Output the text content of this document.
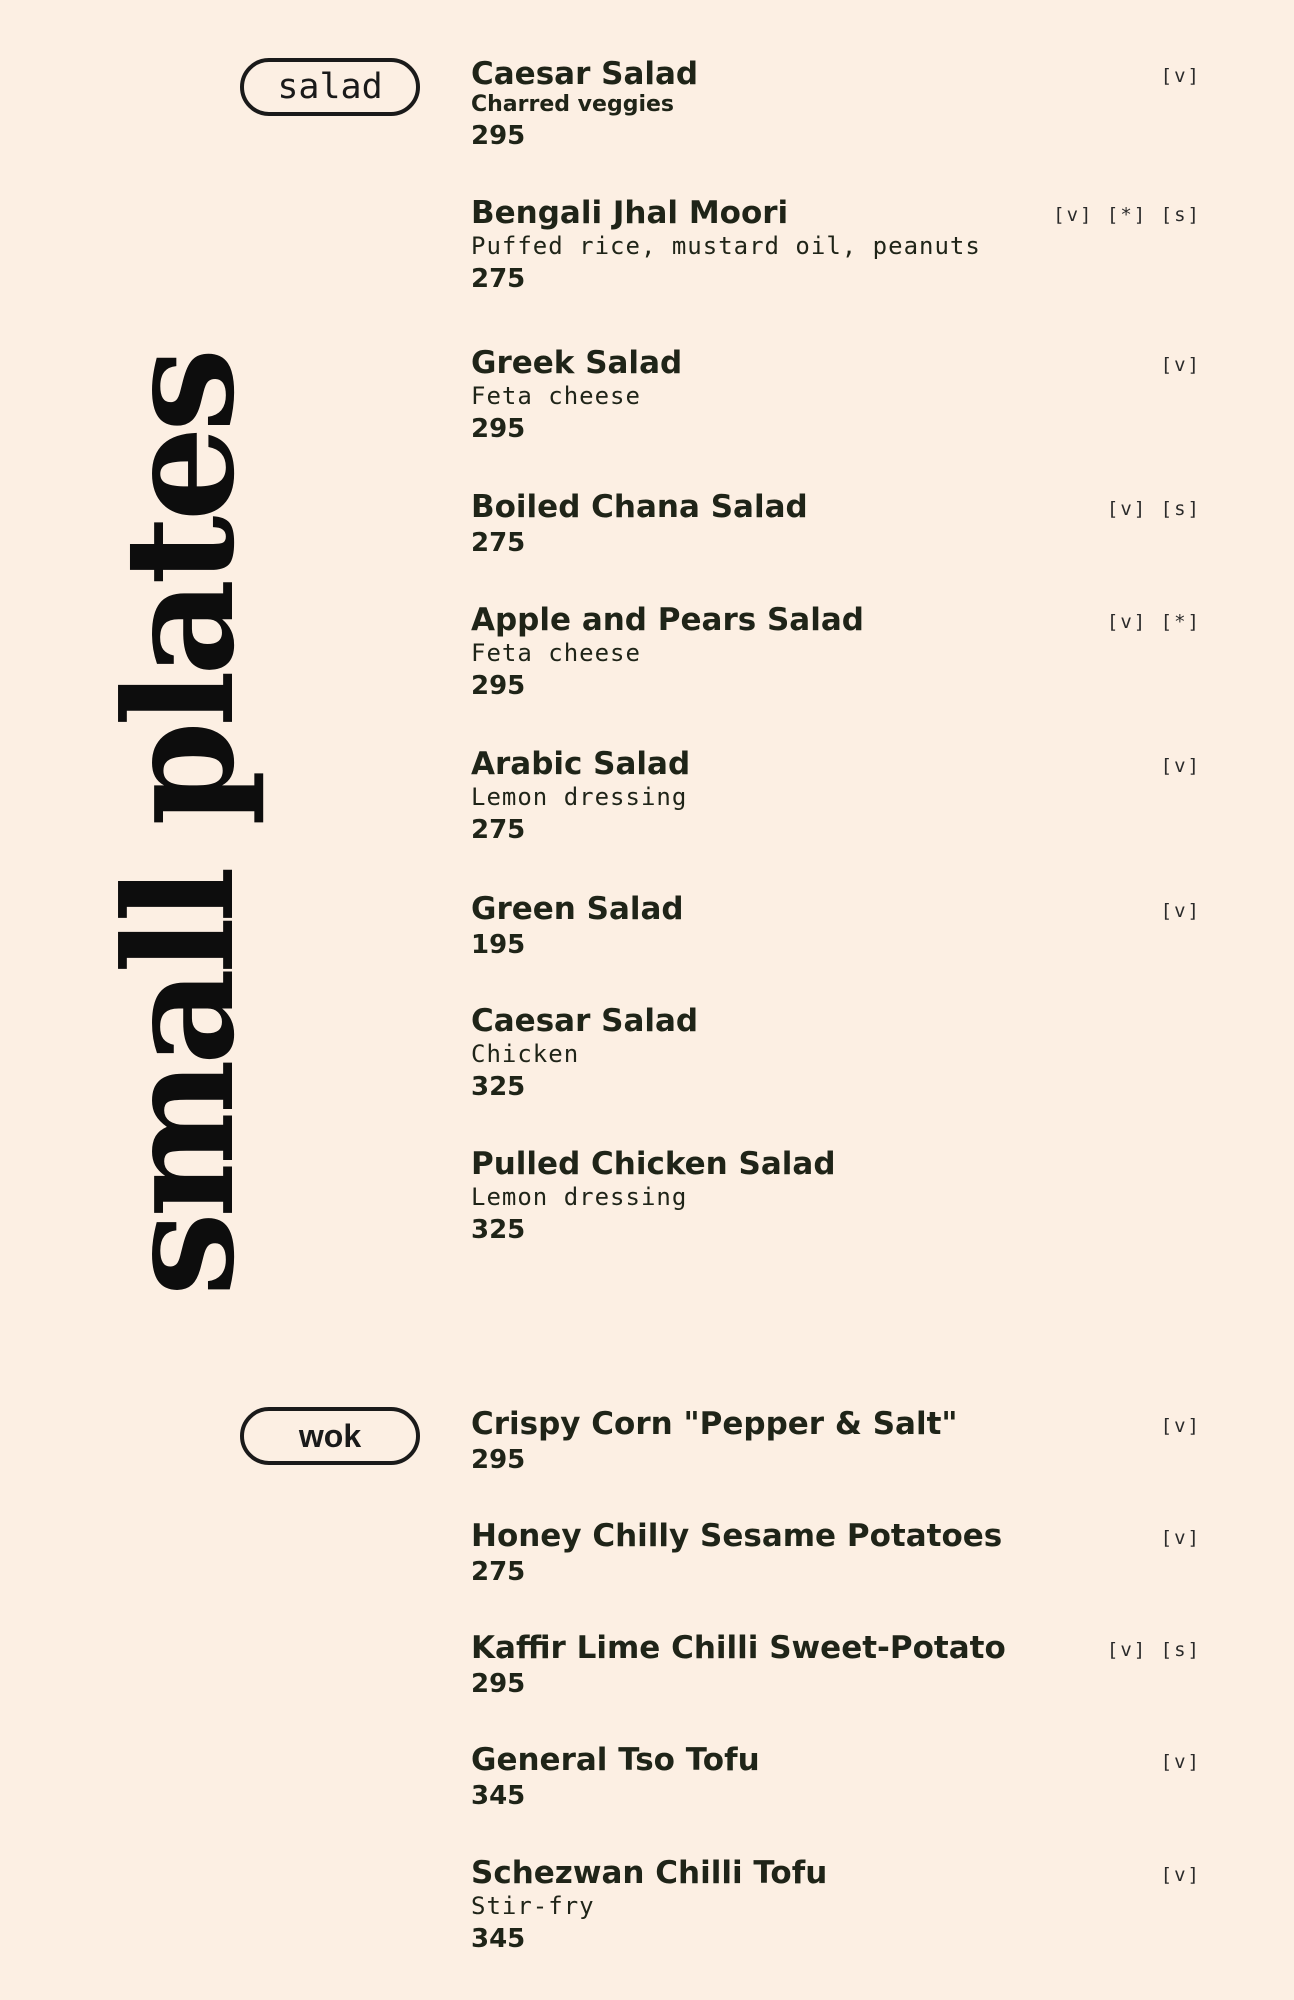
small plates
salad	Caesar Salad
Charred veggies
295
[v]
Bengali Jhal Moori
Puffed rice, mustard oil, peanuts
275
[v] [*] [s]
Greek Salad
Feta cheese
295
[v]
Boiled Chana Salad
275
[v] [s]
Apple and Pears Salad
Feta cheese
295
[v] [*]
Arabic Salad
Lemon dressing
275
[v]
Green Salad
195
[v]
Caesar Salad
Chicken
325
Pulled Chicken Salad
Lemon dressing
325
wok	Crispy Corn "Pepper & Salt"
295
[v]
Honey Chilly Sesame Potatoes
275
[v]
Kaffir Lime Chilli Sweet-Potato
295
[v] [s]
General Tso Tofu
345
[v]
Schezwan Chilli Tofu
Stir-fry
345
[v]
